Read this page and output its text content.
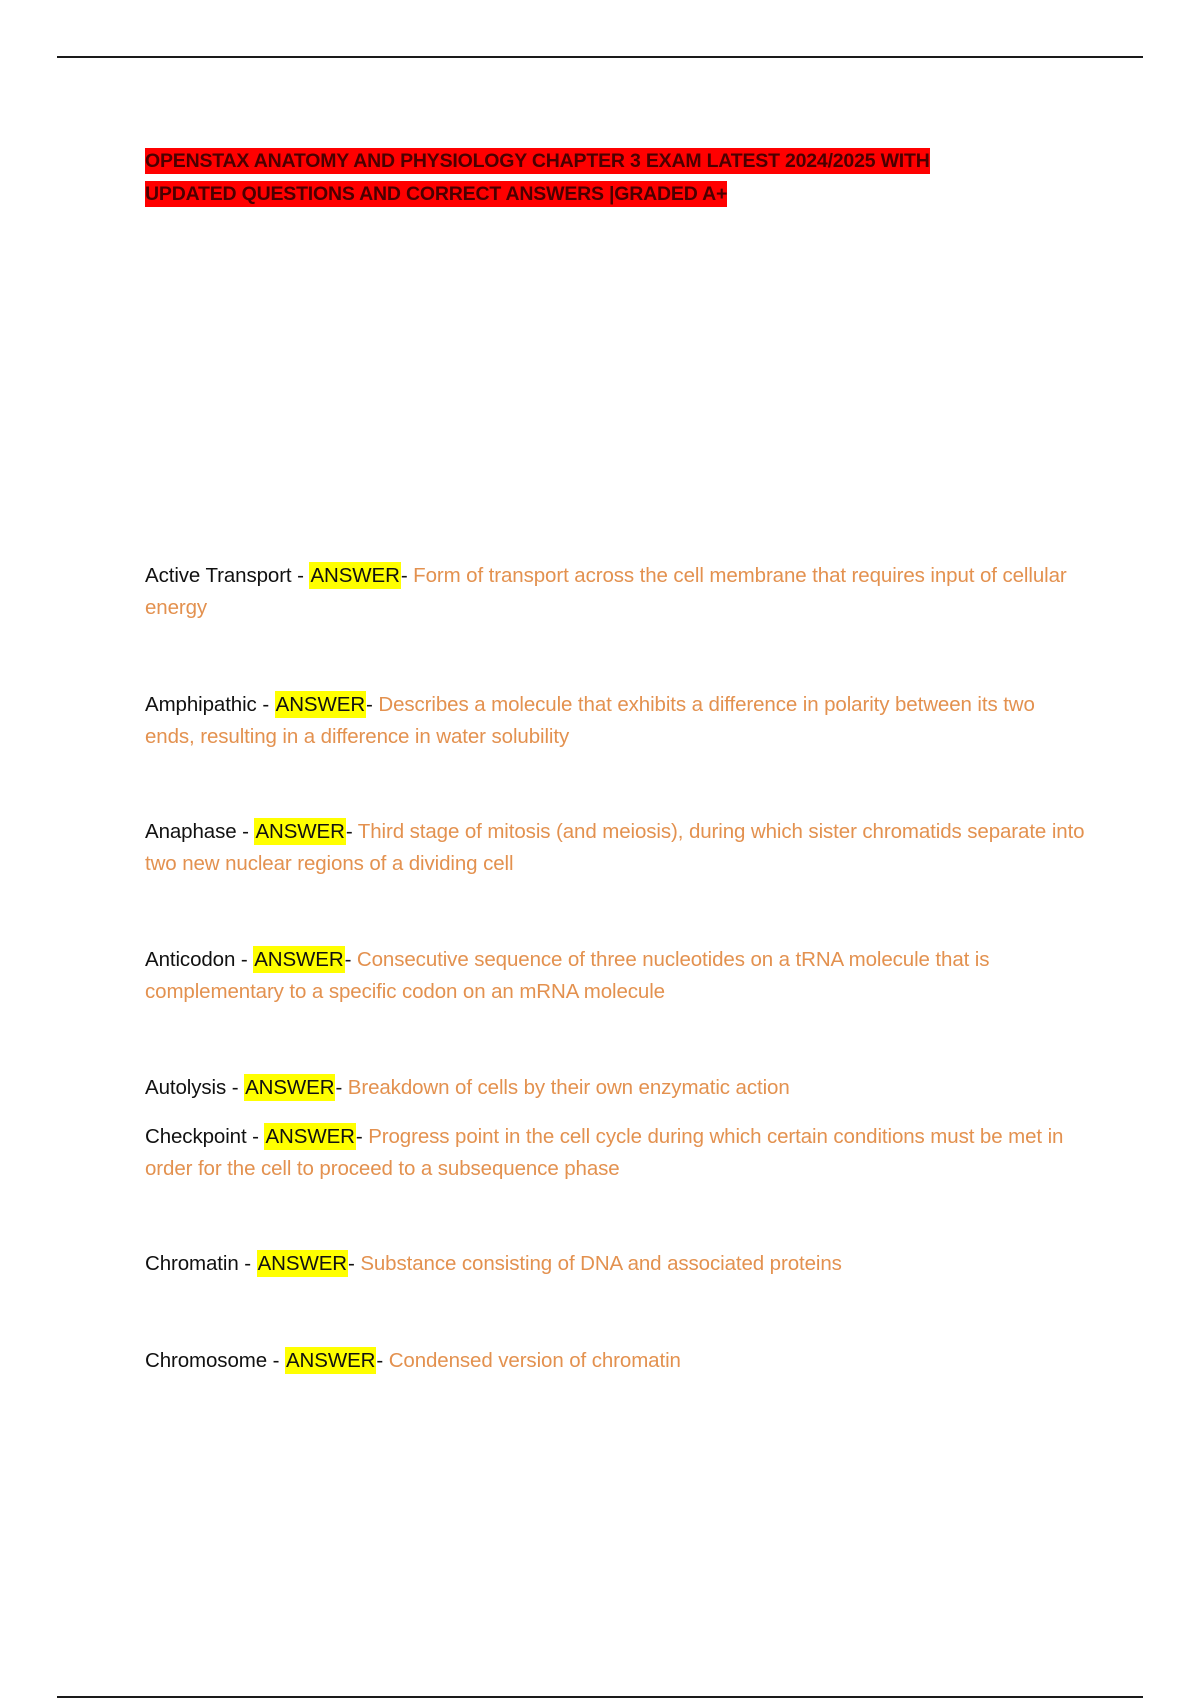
OPENSTAX ANATOMY AND PHYSIOLOGY CHAPTER 3 EXAM LATEST 2024/2025 WITH UPDATED QUESTIONS AND CORRECT ANSWERS |GRADED A+
Active Transport - ANSWER- Form of transport across the cell membrane that requires input of cellular energy
Amphipathic - ANSWER- Describes a molecule that exhibits a difference in polarity between its two ends, resulting in a difference in water solubility
Anaphase - ANSWER- Third stage of mitosis (and meiosis), during which sister chromatids separate into two new nuclear regions of a dividing cell
Anticodon - ANSWER- Consecutive sequence of three nucleotides on a tRNA molecule that is complementary to a specific codon on an mRNA molecule
Autolysis - ANSWER- Breakdown of cells by their own enzymatic action
Checkpoint - ANSWER- Progress point in the cell cycle during which certain conditions must be met in order for the cell to proceed to a subsequence phase
Chromatin - ANSWER- Substance consisting of DNA and associated proteins
Chromosome - ANSWER- Condensed version of chromatin
